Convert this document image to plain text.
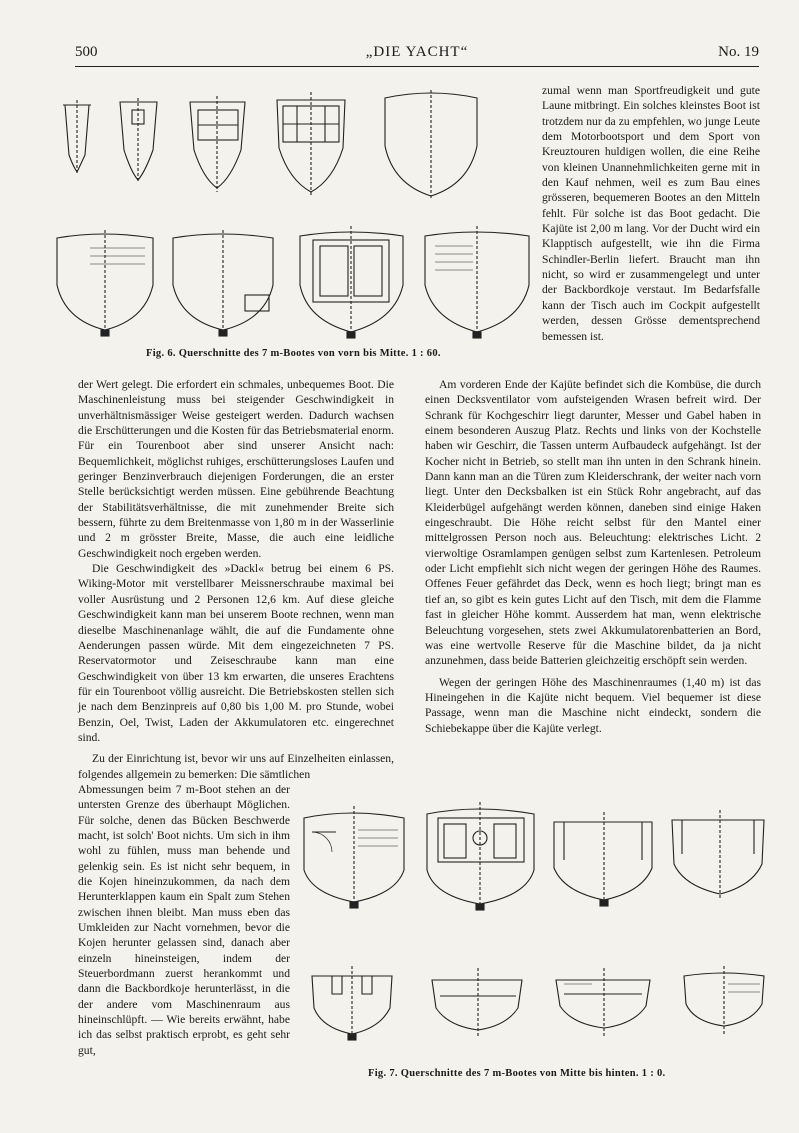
500	„DIE YACHT“	No. 19
Fig. 6. Querschnitte des 7 m-Bootes von vorn bis Mitte. 1 : 60.

zumal wenn man Sportfreudigkeit und gute Laune mitbringt. Ein solches kleinstes Boot ist trotzdem nur da zu empfehlen, wo junge Leute dem Motorbootsport und dem Sport von Kreuztouren huldigen wollen, die eine Reihe von kleinen Unannehmlichkeiten gerne mit in den Kauf nehmen, weil es zum Bau eines grösseren, bequemeren Bootes an den Mitteln fehlt. Für solche ist das Boot gedacht. Die Kajüte ist 2,00 m lang. Vor der Ducht wird ein Klapptisch aufgestellt, wie ihn die Firma Schindler-Berlin liefert. Braucht man ihn nicht, so wird er zusammengelegt und unter der Backbordkoje verstaut. Im Bedarfsfalle kann der Tisch auch im Cockpit aufgestellt werden, dessen Grösse dementsprechend bemessen ist.

der Wert gelegt. Die erfordert ein schmales, unbequemes Boot. Die Maschinenleistung muss bei steigender Geschwindigkeit in unverhältnismässiger Weise gesteigert werden. Dadurch wachsen die Erschütterungen und die Kosten für das Betriebsmaterial enorm. Für ein Tourenboot aber sind unserer Ansicht nach: Bequemlichkeit, möglichst ruhiges, erschütterungsloses Laufen und geringer Benzinverbrauch diejenigen Forderungen, die an erster Stelle berücksichtigt werden müssen. Eine gebührende Beachtung der Stabilitätsverhältnisse, die mit zunehmender Breite sich bessern, führte zu dem Breitenmasse von 1,80 m in der Wasserlinie und 2 m grösster Breite, Masse, die auch eine leidliche Geschwindigkeit noch ergeben werden.

Die Geschwindigkeit des »Dackl« betrug bei einem 6 PS. Wiking-Motor mit verstellbarer Meissnerschraube maximal bei voller Ausrüstung und 2 Personen 12,6 km. Auf diese gleiche Geschwindigkeit kann man bei unserem Boote rechnen, wenn man dieselbe Maschinenanlage wählt, die auf die Fundamente ohne Aenderungen passen würde. Mit dem eingezeichneten 7 PS. Reservatormotor und Zeiseschraube kann man eine Geschwindigkeit von über 13 km erwarten, die unseres Erachtens für ein Tourenboot völlig ausreicht. Die Betriebskosten stellen sich je nach dem Benzinpreis auf 0,80 bis 1,00 M. pro Stunde, wobei Benzin, Oel, Twist, Laden der Akkumulatoren etc. eingerechnet sind.

Zu der Einrichtung ist, bevor wir uns auf Einzelheiten einlassen, folgendes allgemein zu bemerken: Die sämtlichen

Abmessungen beim 7 m-Boot stehen an der untersten Grenze des überhaupt Möglichen. Für solche, denen das Bücken Beschwerde macht, ist solch' Boot nichts. Um sich in ihm wohl zu fühlen, muss man behende und gelenkig sein. Es ist nicht sehr bequem, in die Kojen hineinzukommen, da nach dem Herunterklappen kaum ein Spalt zum Stehen zwischen ihnen bleibt. Man muss eben das Umkleiden zur Nacht vornehmen, bevor die Kojen herunter gelassen sind, danach aber einzeln hineinsteigen, indem der Steuerbordmann zuerst herankommt und dann die Backbordkoje herunterlässt, in die der andere vom Maschinenraum aus hineinschlüpft. — Wie bereits erwähnt, habe ich das selbst praktisch erprobt, es geht sehr gut,

Am vorderen Ende der Kajüte befindet sich die Kombüse, die durch einen Decksventilator vom aufsteigenden Wrasen befreit wird. Der Schrank für Kochgeschirr liegt darunter, Messer und Gabel haben in einem besonderen Auszug Platz. Rechts und links von der Kochstelle haben wir Geschirr, die Tassen unterm Aufbaudeck aufgehängt. Ist der Kocher nicht in Betrieb, so stellt man ihn unten in den Schrank hinein. Dann kann man an die Türen zum Kleiderschrank, der weiter nach vorn liegt. Unter den Decksbalken ist ein Stück Rohr angebracht, auf das Kleiderbügel aufgehängt werden können, daneben sind einige Haken eingeschraubt. Die Höhe reicht selbst für den Mantel einer mittelgrossen Person noch aus. Beleuchtung: elektrisches Licht. 2 vierwoltige Osramlampen genügen selbst zum Kartenlesen. Petroleum oder Licht empfiehlt sich nicht wegen der geringen Höhe des Raumes. Offenes Feuer gefährdet das Deck, wenn es hoch liegt; bringt man es tief an, so gibt es kein gutes Licht auf den Tisch, mit dem die Flamme fast in gleicher Höhe kommt. Ausserdem hat man, wenn elektrische Beleuchtung vorgesehen, stets zwei Akkumulatorenbatterien an Bord, was eine wertvolle Reserve für die Maschine bildet, da ja nicht anzunehmen, dass beide Batterien gleichzeitig erschöpft sein werden.

Wegen der geringen Höhe des Maschinenraumes (1,40 m) ist das Hineingehen in die Kajüte nicht bequem. Viel bequemer ist diese Passage, wenn man die Maschine nicht eindeckt, sondern die Schiebekappe über die Kajüte verlegt.

Fig. 7. Querschnitte des 7 m-Bootes von Mitte bis hinten. 1 : 0.
